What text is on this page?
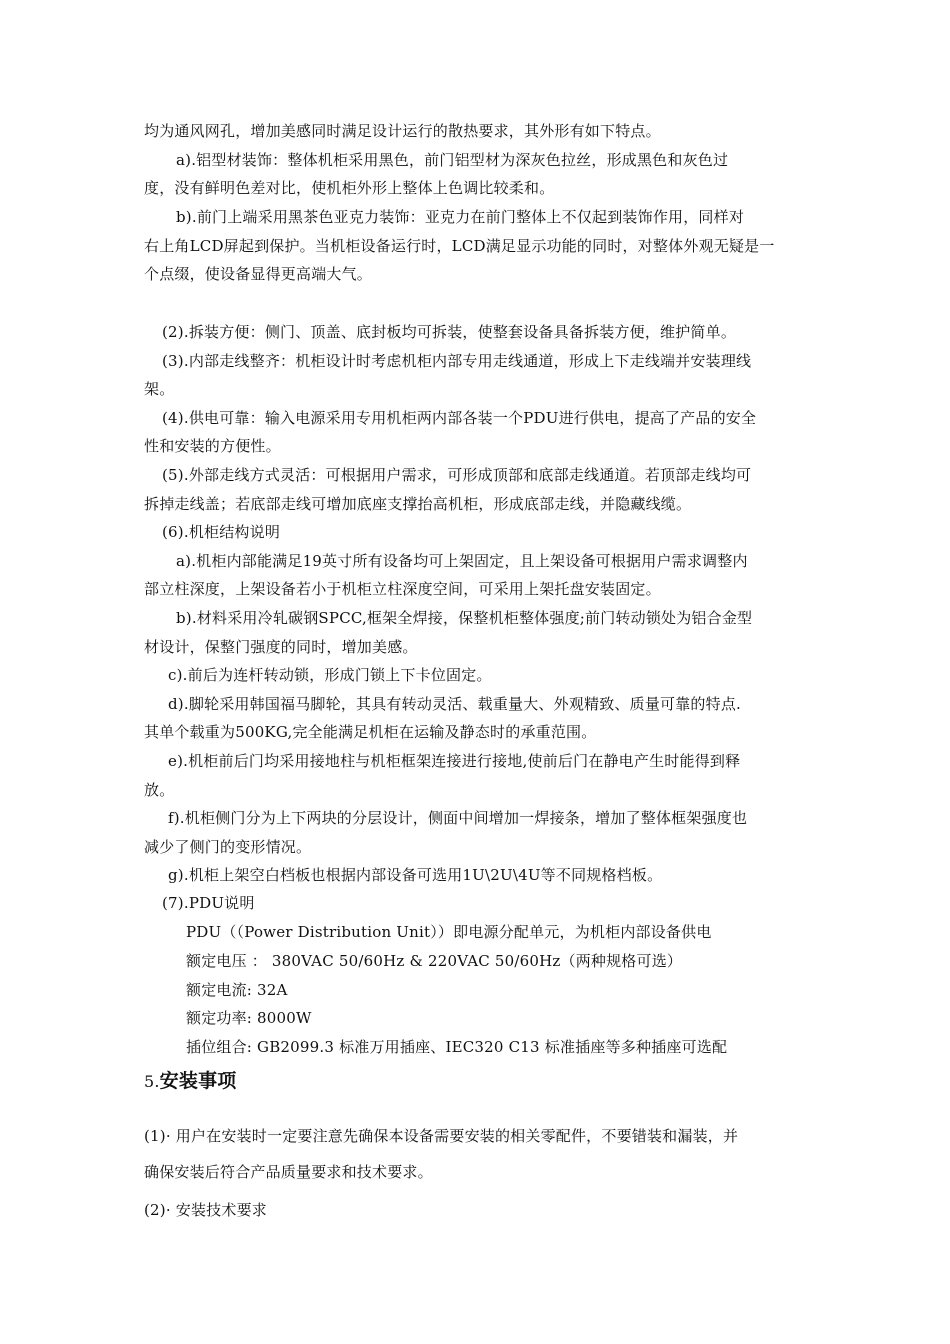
均为通风网孔，增加美感同时满足设计运行的散热要求，其外形有如下特点。
a).铝型材装饰：整体机柜采用黑色，前门铝型材为深灰色拉丝，形成黑色和灰色过
度，没有鲜明色差对比，使机柜外形上整体上色调比较柔和。
b).前门上端采用黑茶色亚克力装饰：亚克力在前门整体上不仅起到装饰作用，同样对
右上角LCD屏起到保护。当机柜设备运行时，LCD满足显示功能的同时，对整体外观无疑是一
个点缀，使设备显得更高端大气。
(2).拆装方便：侧门、顶盖、底封板均可拆装，使整套设备具备拆装方便，维护简单。
(3).内部走线整齐：机柜设计时考虑机柜内部专用走线通道，形成上下走线端并安装理线
架。
(4).供电可靠：输入电源采用专用机柜两内部各装一个PDU进行供电，提高了产品的安全
性和安装的方便性。
(5).外部走线方式灵活：可根据用户需求，可形成顶部和底部走线通道。若顶部走线均可
拆掉走线盖；若底部走线可增加底座支撑抬高机柜，形成底部走线，并隐藏线缆。
(6).机柜结构说明
a).机柜内部能满足19英寸所有设备均可上架固定，且上架设备可根据用户需求调整内
部立柱深度，上架设备若小于机柜立柱深度空间，可采用上架托盘安装固定。
b).材料采用冷轧碳钢SPCC,框架全焊接，保整机柜整体强度;前门转动锁处为铝合金型
材设计，保整门强度的同时，增加美感。
c).前后为连杆转动锁，形成门锁上下卡位固定。
d).脚轮采用韩国福马脚轮，其具有转动灵活、载重量大、外观精致、质量可靠的特点.
其单个载重为500KG,完全能满足机柜在运输及静态时的承重范围。
e).机柜前后门均采用接地柱与机柜框架连接进行接地,使前后门在静电产生时能得到释
放。
f).机柜侧门分为上下两块的分层设计，侧面中间增加一焊接条，增加了整体框架强度也
减少了侧门的变形情况。
g).机柜上架空白档板也根据内部设备可选用1U\2U\4U等不同规格档板。
(7).PDU说明
PDU（（Power Distribution Unit））即电源分配单元，为机柜内部设备供电
额定电压 ： 380VAC 50/60Hz & 220VAC 50/60Hz（两种规格可选）
额定电流: 32A
额定功率: 8000W
插位组合: GB2099.3 标准万用插座、IEC320 C13 标准插座等多种插座可选配
5.安装事项
(1)· 用户在安装时一定要注意先确保本设备需要安装的相关零配件，不要错装和漏装，并
确保安装后符合产品质量要求和技术要求。
(2)· 安装技术要求
